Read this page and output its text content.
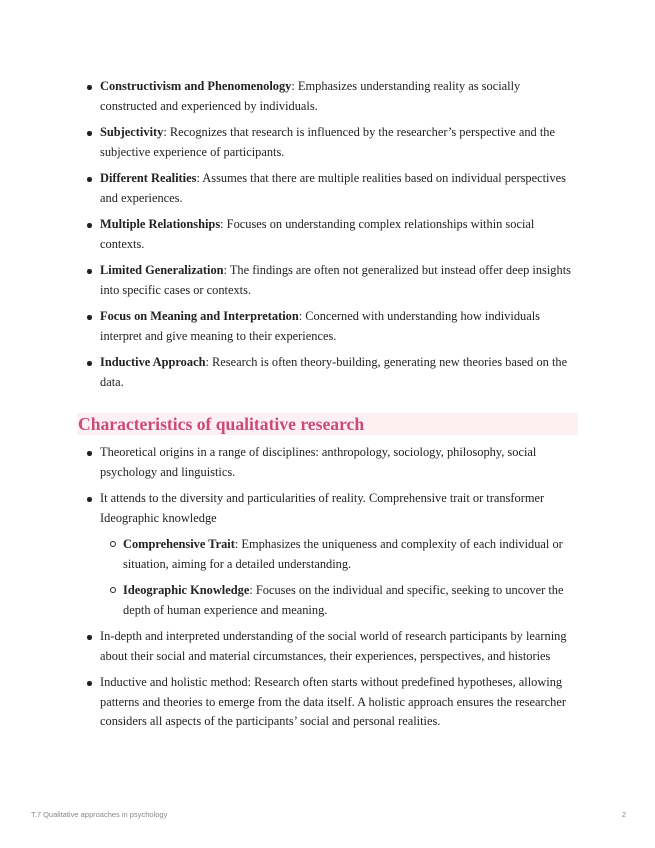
Constructivism and Phenomenology: Emphasizes understanding reality as socially constructed and experienced by individuals.
Subjectivity: Recognizes that research is influenced by the researcher’s perspective and the subjective experience of participants.
Different Realities: Assumes that there are multiple realities based on individual perspectives and experiences.
Multiple Relationships: Focuses on understanding complex relationships within social contexts.
Limited Generalization: The findings are often not generalized but instead offer deep insights into specific cases or contexts.
Focus on Meaning and Interpretation: Concerned with understanding how individuals interpret and give meaning to their experiences.
Inductive Approach: Research is often theory-building, generating new theories based on the data.
Characteristics of qualitative research
Theoretical origins in a range of disciplines: anthropology, sociology, philosophy, social psychology and linguistics.
It attends to the diversity and particularities of reality. Comprehensive trait or transformer Ideographic knowledge
Comprehensive Trait: Emphasizes the uniqueness and complexity of each individual or situation, aiming for a detailed understanding.
Ideographic Knowledge: Focuses on the individual and specific, seeking to uncover the depth of human experience and meaning.
In-depth and interpreted understanding of the social world of research participants by learning about their social and material circumstances, their experiences, perspectives, and histories
Inductive and holistic method: Research often starts without predefined hypotheses, allowing patterns and theories to emerge from the data itself. A holistic approach ensures the researcher considers all aspects of the participants’ social and personal realities.
T.7 Qualitative approaches in psychology	2
